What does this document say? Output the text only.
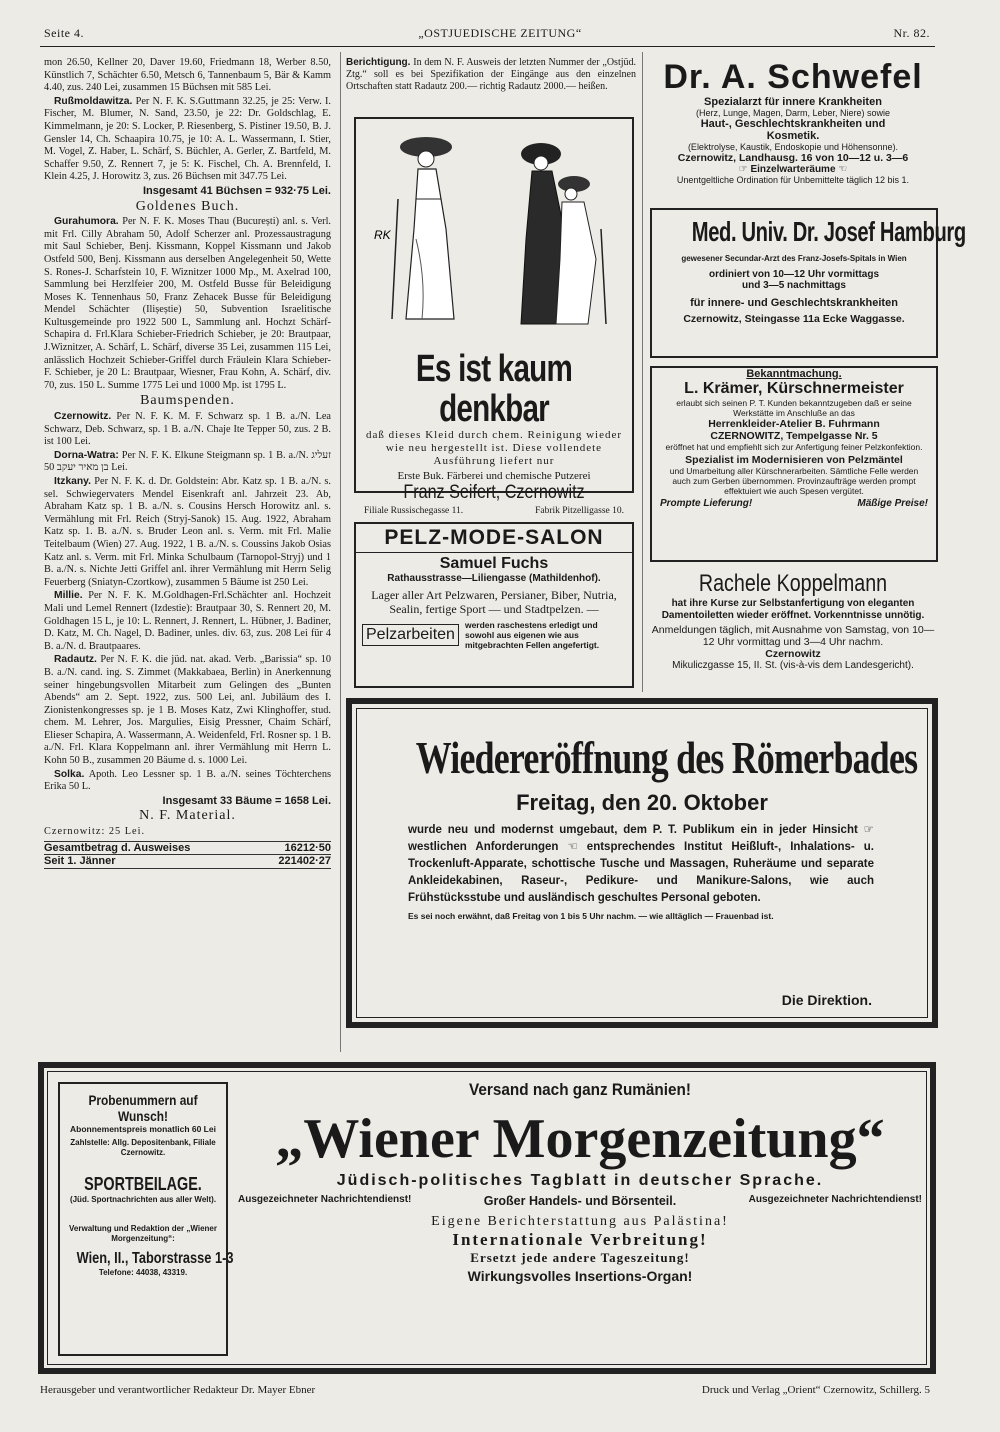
Seite 4.	„OSTJUEDISCHE ZEITUNG“	Nr. 82.

mon 26.50, Kellner 20, Daver 19.60, Friedmann 18, Werber 8.50, Künstlich 7, Schächter 6.50, Metsch 6, Tannenbaum 5, Bär & Kamm 4.40, zus. 240 Lei, zusammen 15 Büchsen mit 585 Lei.

Rußmoldawitza. Per N. F. K. S.Guttmann 32.25, je 25: Verw. I. Fischer, M. Blumer, N. Sand, 23.50, je 22: Dr. Goldschlag, E. Kimmelmann, je 20: S. Locker, P. Riesenberg, S. Pistiner 19.50, B. J. Gensler 14, Ch. Schaapira 10.75, je 10: A. L. Wassermann, I. Stier, M. Vogel, Z. Haber, L. Schärf, S. Büchler, A. Gerler, Z. Bartfeld, M. Schaffer 9.50, Z. Rennert 7, je 5: K. Fischel, Ch. A. Brennfeld, I. Klein 4.25, J. Horowitz 3, zus. 26 Büchsen mit 347.75 Lei.

Insgesamt 41 Büchsen = 932·75 Lei.
Goldenes Buch.

Gurahumora. Per N. F. K. Moses Thau (București) anl. s. Verl. mit Frl. Cilly Abraham 50, Adolf Scherzer anl. Prozessaustragung mit Saul Schieber, Benj. Kissmann, Koppel Kissmann und Jakob Ostfeld 500, Benj. Kissmann aus derselben Angelegenheit 50, Wette S. Rones-J. Scharfstein 10, F. Wiznitzer 1000 Mp., M. Axelrad 100, Sammlung bei Herzlfeier 200, M. Ostfeld Busse für Beleidigung Moses K. Tennenhaus 50, Franz Zehacek Busse für Beleidigung Mendel Schächter (Ilișeștie) 50, Subvention Israelitische Kultusgemeinde pro 1922 500 L, Sammlung anl. Hochzt Schärf-Schapira d. Frl.Klara Schieber-Friedrich Schieber, je 20: Brautpaar, J.Wiznitzer, A. Schärf, L. Schärf, diverse 35 Lei, zusammen 115 Lei, anlässlich Hochzeit Schieber-Griffel durch Fräulein Klara Schieber- F. Schieber, je 20 L: Brautpaar, Wiesner, Frau Kohn, A. Schärf, div. 70, zus. 150 L. Summe 1775 Lei und 1000 Mp. ist 1795 L.

Baumspenden.

Czernowitz. Per N. F. K. M. F. Schwarz sp. 1 B. a./N. Lea Schwarz, Deb. Schwarz, sp. 1 B. a./N. Chaje Ite Tepper 50, zus. 2 B. ist 100 Lei.

Dorna-Watra: Per N. F. K. Elkune Steigmann sp. 1 B. a./N. זעליג בן מאיר יעקב 50 Lei.

Itzkany. Per N. F. K. d. Dr. Goldstein: Abr. Katz sp. 1 B. a./N. s. sel. Schwiegervaters Mendel Eisenkraft anl. Jahrzeit 23. Ab, Abraham Katz sp. 1 B. a./N. s. Cousins Hersch Horowitz anl. s. Vermählung mit Frl. Reich (Stryj-Sanok) 15. Aug. 1922, Abraham Katz sp. 1. B. a./N. s. Bruder Leon anl. s. Verm. mit Frl. Malie Teitelbaum (Wien) 27. Aug. 1922, 1 B. a./N. s. Coussins Jakob Osias Katz anl. s. Verm. mit Frl. Minka Schulbaum (Tarnopol-Stryj) und 1 B. a./N. s. Nichte Jetti Griffel anl. ihrer Vermählung mit Herrn Selig Feuerberg (Sniatyn-Czortkow), zusammen 5 Bäume ist 250 Lei.

Millie. Per N. F. K. M.Goldhagen-Frl.Schächter anl. Hochzeit Mali und Lemel Rennert (Izdestie): Brautpaar 30, S. Rennert 20, M. Goldhagen 15 L, je 10: L. Rennert, J. Rennert, L. Hübner, J. Badiner, D. Katz, M. Ch. Nagel, D. Badiner, unles. div. 63, zus. 208 Lei für 4 B. a./N. d. Brautpaares.

Radautz. Per N. F. K. die jüd. nat. akad. Verb. „Barissia“ sp. 10 B. a./N. cand. ing. S. Zimmet (Makkabaea, Berlin) in Anerkennung seiner hingebungsvollen Mitarbeit zum Gelingen des „Bunten Abends“ am 2. Sept. 1922, zus. 500 Lei, anl. Jubiläum des I. Zionistenkongresses sp. je 1 B. Moses Katz, Zwi Klinghoffer, stud. chem. M. Lehrer, Jos. Margulies, Eisig Pressner, Chaim Schärf, Elieser Schapira, A. Wassermann, A. Weidenfeld, Frl. Rosner sp. 1 B. a./N. Frl. Klara Koppelmann anl. ihrer Vermählung mit Herrn L. Kohn 50 B., zusammen 20 Bäume d. s. 1000 Lei.

Solka. Apoth. Leo Lessner sp. 1 B. a./N. seines Töchterchens Erika 50 L.

Insgesamt 33 Bäume = 1658 Lei.
N. F. Material.
Czernowitz: 25 Lei.
Gesamtbetrag d. Ausweises	16212·50
Seit 1. Jänner	221402·27
Berichtigung. In dem N. F. Ausweis der letzten Nummer der „Ostjüd. Ztg.“ soll es bei Spezifikation der Eingänge aus den einzelnen Ortschaften statt Radautz 200.— richtig Radautz 2000.— heißen.
RK
Es ist kaum denkbar
daß dieses Kleid durch chem. Reinigung wieder wie neu hergestellt ist. Diese vollendete Ausführung liefert nur
Erste Buk. Färberei und chemische Putzerei
Franz Seifert, Czernowitz
Filiale Russischegasse 11.	Fabrik Pitzelligasse 10.
PELZ-MODE-SALON
Samuel Fuchs
Rathausstrasse—Liliengasse (Mathildenhof).
Lager aller Art Pelzwaren, Persianer, Biber, Nutria, Sealin, fertige Sport — und Stadtpelzen. —
Pelzarbeiten
werden raschestens erledigt und sowohl aus eigenen wie aus mitgebrachten Fellen angefertigt.
Dr. A. Schwefel
Spezialarzt für innere Krankheiten
(Herz, Lunge, Magen, Darm, Leber, Niere) sowie
Haut-, Geschlechtskrankheiten und
Kosmetik.
(Elektrolyse, Kaustik, Endoskopie und Höhensonne).
Czernowitz, Landhausg. 16 von 10—12 u. 3—6
☞ Einzelwarteräume ☜
Unentgeltliche Ordination für Unbemittelte täglich 12 bis 1.
Med. Univ. Dr. Josef Hamburg
gewesener Secundar-Arzt des Franz-Josefs-Spitals in Wien
ordiniert von 10—12 Uhr vormittags
und 3—5 nachmittags
für innere- und Geschlechtskrankheiten
Czernowitz, Steingasse 11a Ecke Waggasse.
Bekanntmachung.
L. Krämer, Kürschnermeister
erlaubt sich seinen P. T. Kunden bekanntzugeben daß er seine Werkstätte im Anschluße an das
Herrenkleider-Atelier B. Fuhrmann
CZERNOWITZ, Tempelgasse Nr. 5
eröffnet hat und empfiehlt sich zur Anfertigung feiner Pelzkonfektion.
Spezialist im Modernisieren von Pelzmäntel
und Umarbeitung aller Kürschnerarbeiten. Sämtliche Felle werden auch zum Gerben übernommen. Provinzaufträge werden prompt effektuiert wie auch Spesen vergütet.
Prompte Lieferung!	Mäßige Preise!
Rachele Koppelmann
hat ihre Kurse zur Selbstanfertigung von eleganten Damentoiletten wieder eröffnet. Vorkenntnisse unnötig.
Anmeldungen täglich, mit Ausnahme von Samstag, von 10—12 Uhr vormittag und 3—4 Uhr nachm.
Czernowitz
Mikuliczgasse 15, II. St. (vis-à-vis dem Landesgericht).
Wiedereröffnung des Römerbades
Freitag, den 20. Oktober
wurde neu und modernst umgebaut, dem P. T. Publikum ein in jeder Hinsicht ☞ westlichen Anforderungen ☜ entsprechendes Institut Heißluft-, Inhalations- u. Trockenluft-Apparate, schottische Tusche und Massagen, Ruheräume und separate Ankleidekabinen, Raseur-, Pedikure- und Manikure-Salons, wie auch Frühstücksstube und ausländisch geschultes Personal geboten.
Es sei noch erwähnt, daß Freitag von 1 bis 5 Uhr nachm. — wie alltäglich — Frauenbad ist.
Die Direktion.
Probenummern auf Wunsch!
Abonnementspreis monatlich 60 Lei
Zahlstelle: Allg. Depositenbank, Filiale Czernowitz.
SPORTBEILAGE.
(Jüd. Sportnachrichten aus aller Welt).
Verwaltung und Redaktion der „Wiener Morgenzeitung“:
Wien, II., Taborstrasse 1-3
Telefone: 44038, 43319.
Versand nach ganz Rumänien!
„Wiener Morgenzeitung“
Jüdisch-politisches Tagblatt in deutscher Sprache.
Ausgezeichneter Nachrichtendienst!	Großer Handels- und Börsenteil.	Ausgezeichneter Nachrichtendienst!
Eigene Berichterstattung aus Palästina!
Internationale Verbreitung!
Ersetzt jede andere Tageszeitung!
Wirkungsvolles Insertions-Organ!
Herausgeber und verantwortlicher Redakteur Dr. Mayer Ebner	Druck und Verlag „Orient“ Czernowitz, Schillerg. 5
